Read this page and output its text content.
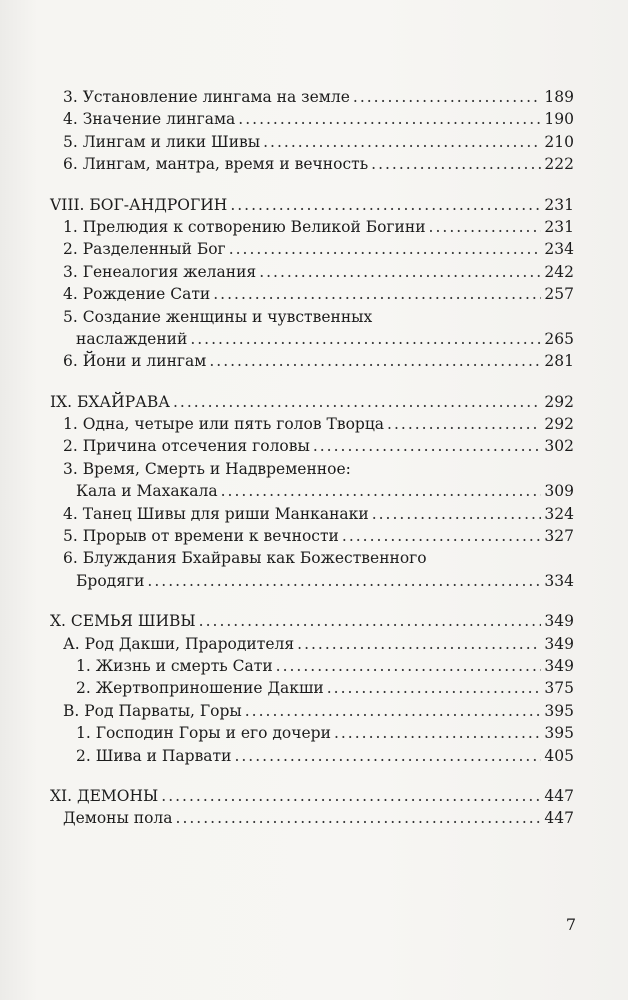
3. Установление лингама на земле .....	189
4. Значение лингама .....	190
5. Лингам и лики Шивы .....	210
6. Лингам, мантра, время и вечность .....	222
VIII. БОГ-АНДРОГИН .....	231
1. Прелюдия к сотворению Великой Богини .....	231
2. Разделенный Бог .....	234
3. Генеалогия желания .....	242
4. Рождение Сати .....	257
5. Создание женщины и чувственных
наслаждений .....	265
6. Йони и лингам .....	281
IX. БХАЙРАВА .....	292
1. Одна, четыре или пять голов Творца .....	292
2. Причина отсечения головы .....	302
3. Время, Смерть и Надвременное:
Кала и Махакала .....	309
4. Танец Шивы для риши Манканаки .....	324
5. Прорыв от времени к вечности .....	327
6. Блуждания Бхайравы как Божественного
Бродяги .....	334
X. СЕМЬЯ ШИВЫ .....	349
А. Род Дакши, Прародителя .....	349
1. Жизнь и смерть Сати .....	349
2. Жертвоприношение Дакши .....	375
В. Род Парваты, Горы .....	395
1. Господин Горы и его дочери .....	395
2. Шива и Парвати .....	405
XI. ДЕМОНЫ .....	447
Демоны пола .....	447
7
